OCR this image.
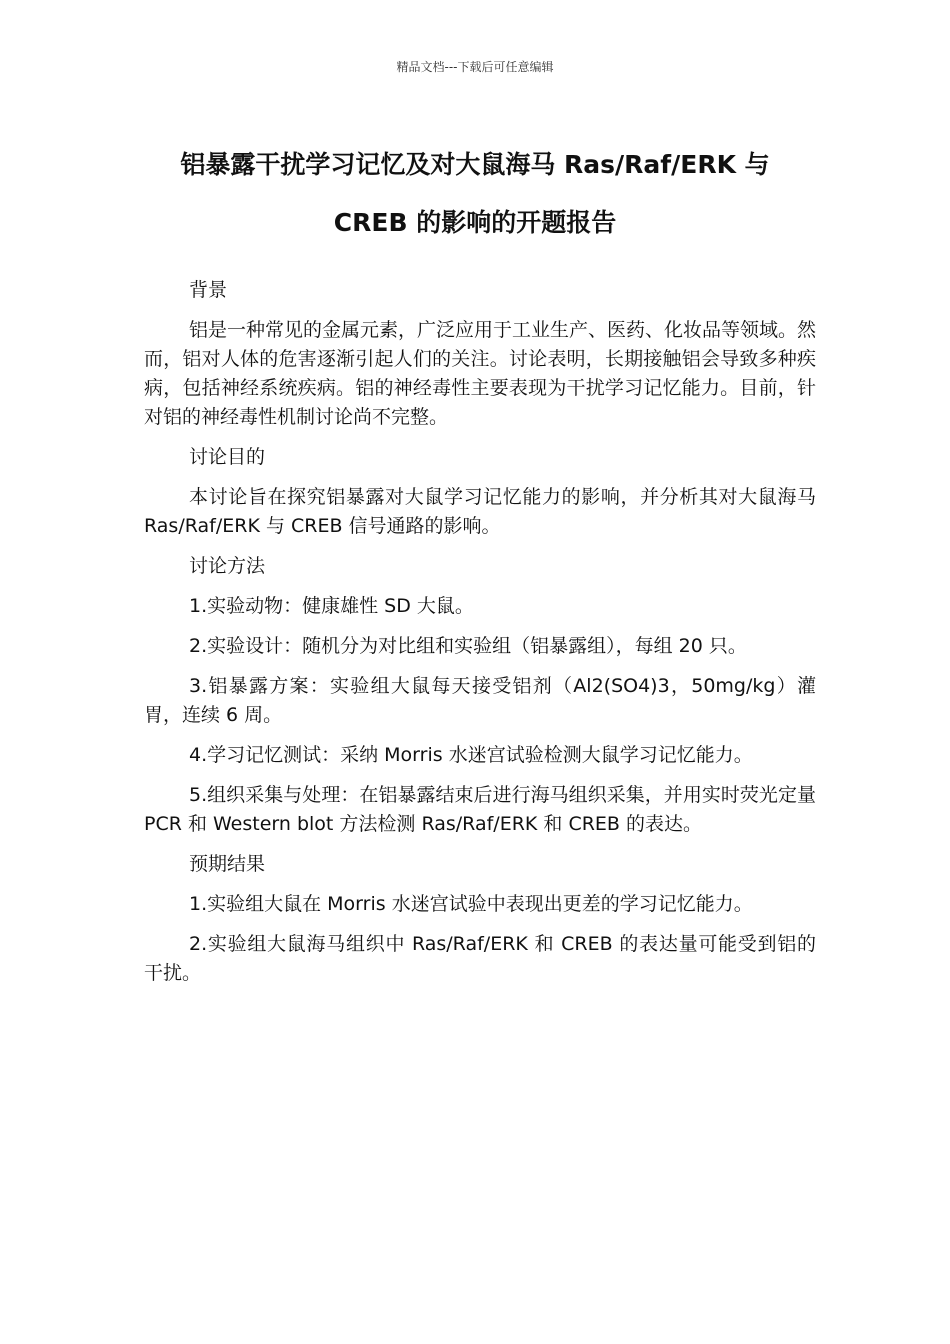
精品文档---下载后可任意编辑
铝暴露干扰学习记忆及对大鼠海马 Ras/Raf/ERK 与
CREB 的影响的开题报告

背景

铝是一种常见的金属元素，广泛应用于工业生产、医药、化妆品等领域。然而，铝对人体的危害逐渐引起人们的关注。讨论表明，长期接触铝会导致多种疾病，包括神经系统疾病。铝的神经毒性主要表现为干扰学习记忆能力。目前，针对铝的神经毒性机制讨论尚不完整。

讨论目的

本讨论旨在探究铝暴露对大鼠学习记忆能力的影响，并分析其对大鼠海马 Ras/Raf/ERK 与 CREB 信号通路的影响。

讨论方法

1.实验动物：健康雄性 SD 大鼠。

2.实验设计：随机分为对比组和实验组（铝暴露组），每组 20 只。

3.铝暴露方案：实验组大鼠每天接受铝剂（Al2(SO4)3，50mg/kg）灌胃，连续 6 周。

4.学习记忆测试：采纳 Morris 水迷宫试验检测大鼠学习记忆能力。

5.组织采集与处理：在铝暴露结束后进行海马组织采集，并用实时荧光定量 PCR 和 Western blot 方法检测 Ras/Raf/ERK 和 CREB 的表达。

预期结果

1.实验组大鼠在 Morris 水迷宫试验中表现出更差的学习记忆能力。

2.实验组大鼠海马组织中 Ras/Raf/ERK 和 CREB 的表达量可能受到铝的干扰。
